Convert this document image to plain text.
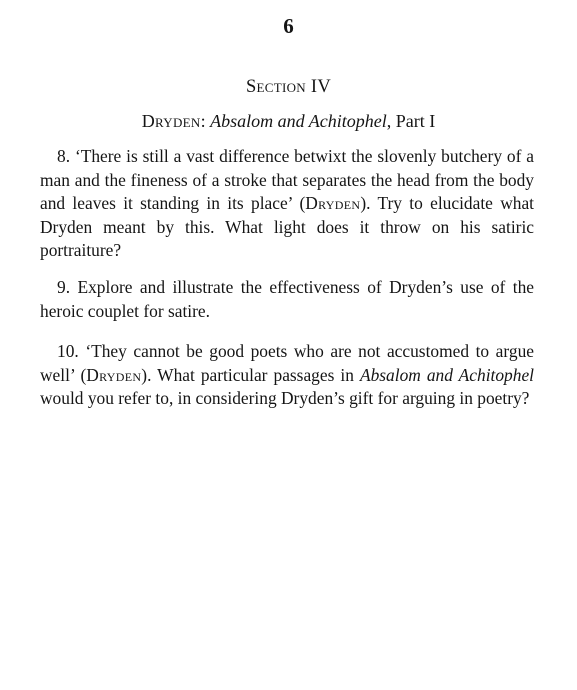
6
Section IV
Dryden: Absalom and Achitophel, Part I

8. ‘There is still a vast difference betwixt the slovenly butchery of a man and the fineness of a stroke that separates the head from the body and leaves it standing in its place’ (Dryden). Try to elucidate what Dryden meant by this. What light does it throw on his satiric portraiture?

9. Explore and illustrate the effectiveness of Dryden’s use of the heroic couplet for satire.

10. ‘They cannot be good poets who are not accustomed to argue well’ (Dryden). What particular passages in Absalom and Achitophel would you refer to, in considering Dryden’s gift for arguing in poetry?
